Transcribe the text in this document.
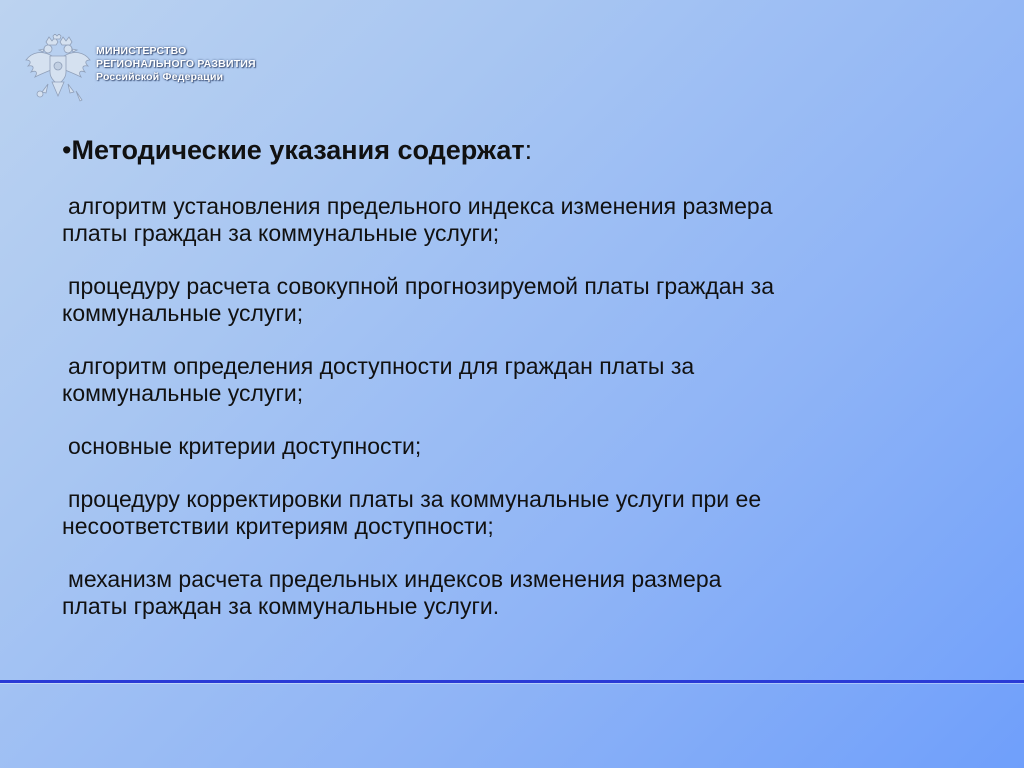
МИНИСТЕРСТВО
РЕГИОНАЛЬНОГО РАЗВИТИЯ
Российской Федерации
•Методические указания содержат:
алгоритм установления предельного индекса изменения размера
платы граждан за коммунальные услуги;
процедуру расчета совокупной прогнозируемой платы граждан за
коммунальные услуги;
алгоритм определения доступности для граждан платы за
коммунальные услуги;
основные критерии доступности;
процедуру корректировки платы за коммунальные услуги при ее
несоответствии критериям доступности;
механизм расчета предельных индексов изменения размера
платы граждан за коммунальные услуги.
